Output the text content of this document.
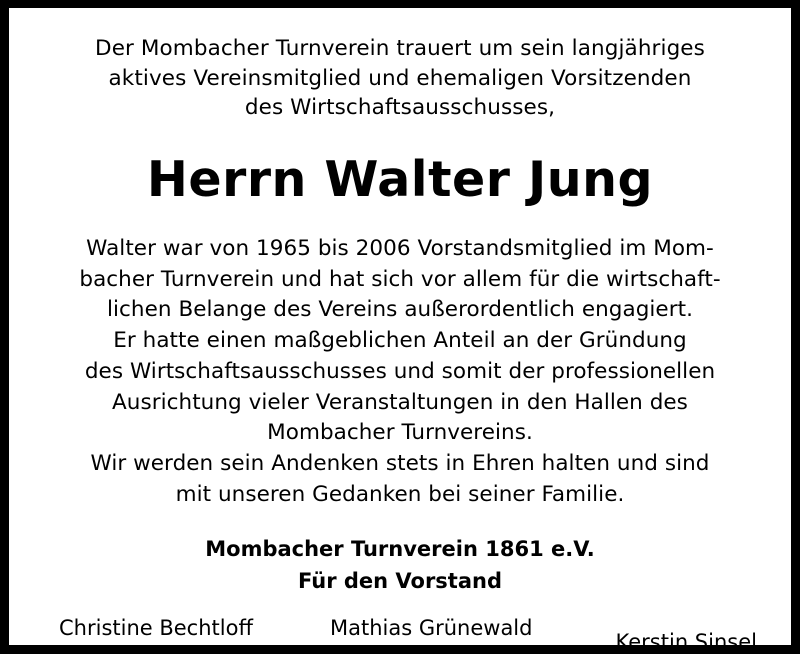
Der Mombacher Turnverein trauert um sein langjähriges
aktives Vereinsmitglied und ehemaligen Vorsitzenden
des Wirtschaftsausschusses,
Herrn Walter Jung
Walter war von 1965 bis 2006 Vorstandsmitglied im Mom-
bacher Turnverein und hat sich vor allem für die wirtschaft-
lichen Belange des Vereins außerordentlich engagiert.
Er hatte einen maßgeblichen Anteil an der Gründung
des Wirtschaftsausschusses und somit der professionellen
Ausrichtung vieler Veranstaltungen in den Hallen des
Mombacher Turnvereins.
Wir werden sein Andenken stets in Ehren halten und sind
mit unseren Gedanken bei seiner Familie.
Mombacher Turnverein 1861 e.V.
Für den Vorstand
Christine Bechtloff	Mathias Grünewald
Kerstin Sinsel
